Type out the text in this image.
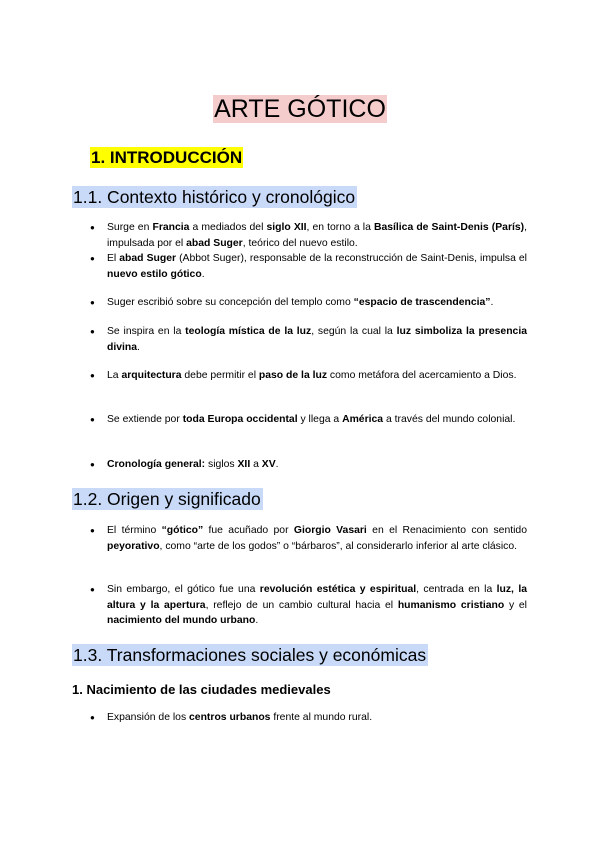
ARTE GÓTICO
1. INTRODUCCIÓN
1.1. Contexto histórico y cronológico
● Surge en Francia a mediados del siglo XII, en torno a la Basílica de Saint-Denis (París), impulsada por el abad Suger, teórico del nuevo estilo.
● El abad Suger (Abbot Suger), responsable de la reconstrucción de Saint-Denis, impulsa el nuevo estilo gótico.
● Suger escribió sobre su concepción del templo como “espacio de trascendencia”.
● Se inspira en la teología mística de la luz, según la cual la luz simboliza la presencia divina.
● La arquitectura debe permitir el paso de la luz como metáfora del acercamiento a Dios.
● Se extiende por toda Europa occidental y llega a América a través del mundo colonial.
● Cronología general: siglos XII a XV.
1.2. Origen y significado
● El término “gótico” fue acuñado por Giorgio Vasari en el Renacimiento con sentido peyorativo, como “arte de los godos” o “bárbaros”, al considerarlo inferior al arte clásico.
● Sin embargo, el gótico fue una revolución estética y espiritual, centrada en la luz, la altura y la apertura, reflejo de un cambio cultural hacia el humanismo cristiano y el nacimiento del mundo urbano.
1.3. Transformaciones sociales y económicas
1. Nacimiento de las ciudades medievales
● Expansión de los centros urbanos frente al mundo rural.
